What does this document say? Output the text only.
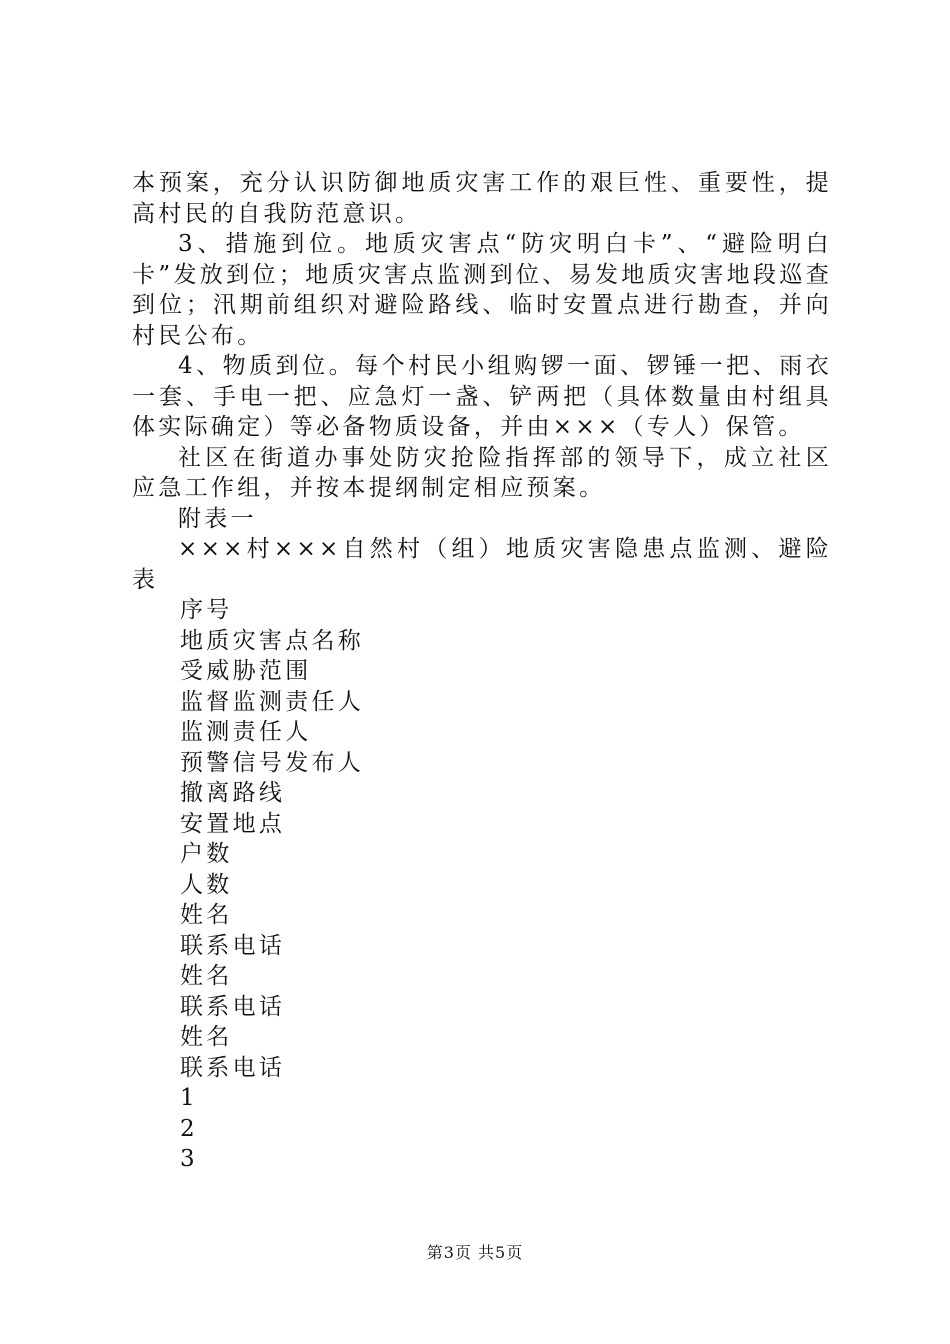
本预案，充分认识防御地质灾害工作的艰巨性、重要性，提高村民的自我防范意识。

3、措施到位。地质灾害点“防灾明白卡”、“避险明白卡”发放到位；地质灾害点监测到位、易发地质灾害地段巡查到位；汛期前组织对避险路线、临时安置点进行勘查，并向村民公布。

4、物质到位。每个村民小组购锣一面、锣锤一把、雨衣一套、手电一把、应急灯一盏、铲两把（具体数量由村组具体实际确定）等必备物质设备，并由×××（专人）保管。

社区在街道办事处防灾抢险指挥部的领导下，成立社区应急工作组，并按本提纲制定相应预案。

附表一

×××村×××自然村（组）地质灾害隐患点监测、避险表

序号
地质灾害点名称
受威胁范围
监督监测责任人
监测责任人
预警信号发布人
撤离路线
安置地点
户数
人数
姓名
联系电话
姓名
联系电话
姓名
联系电话
1
2
3
第3页 共5页
